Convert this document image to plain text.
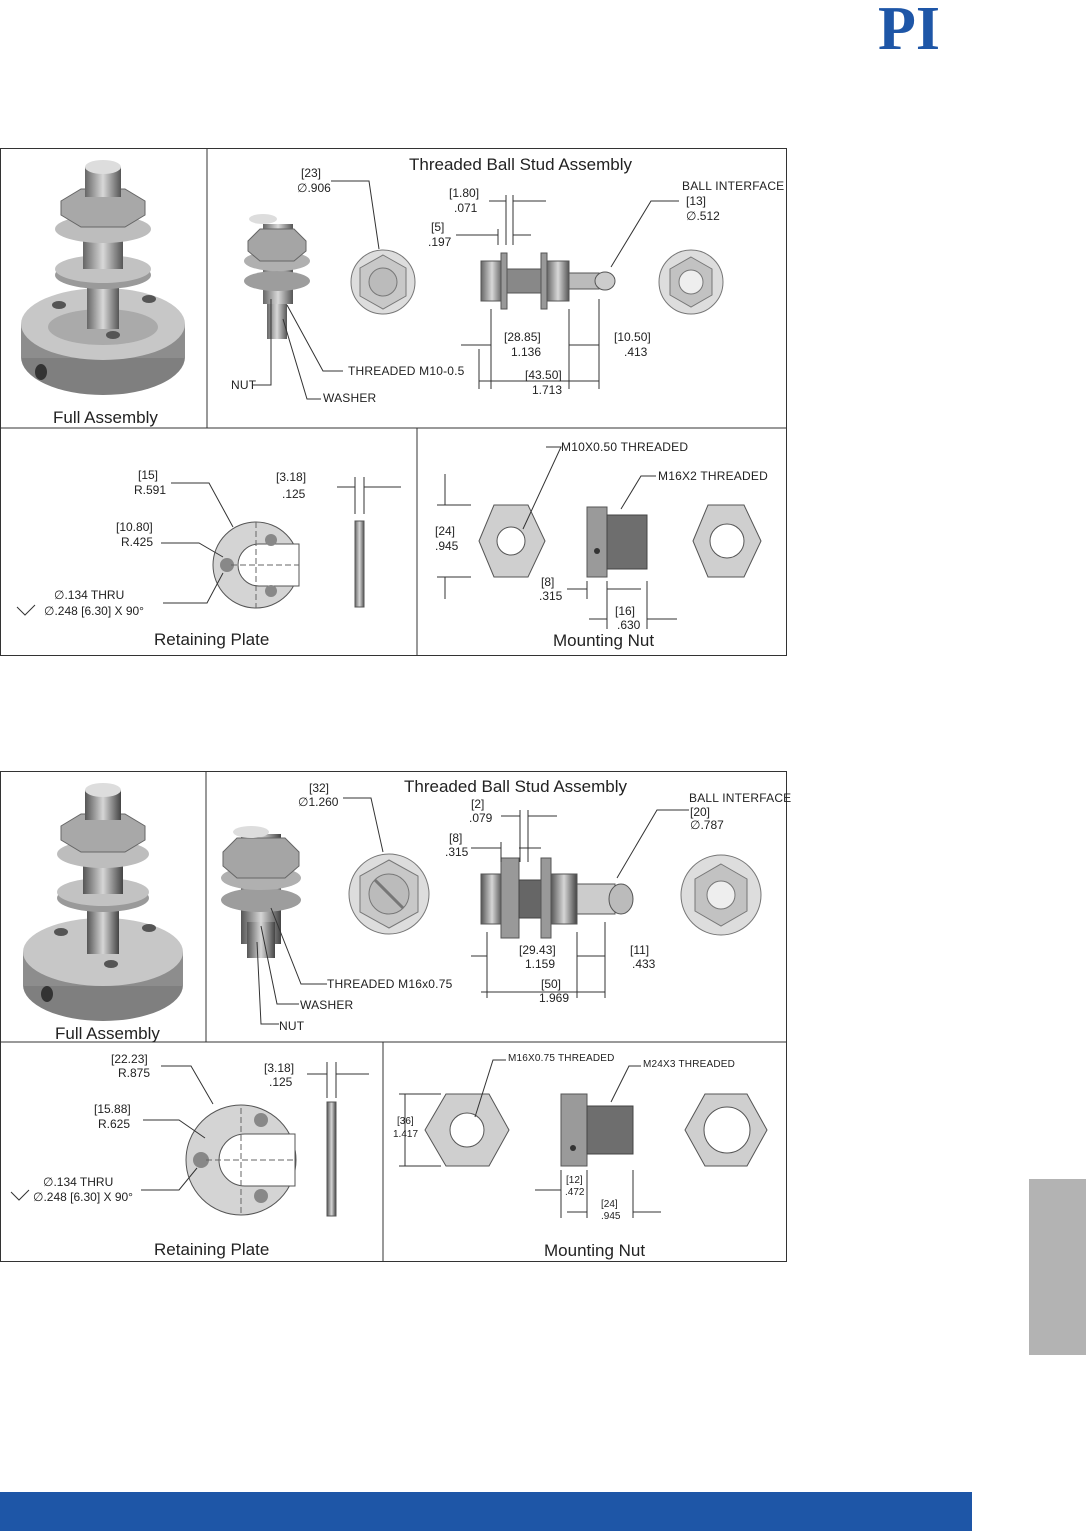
PI
Full Assembly
Threaded Ball Stud Assembly
[23]
∅.906	[1.80]
.071
[5]
.197
BALL INTERFACE
[13]
∅.512
[28.85]
1.136
[10.50]
.413
[43.50]
1.713
THREADED M10-0.5
NUT
WASHER
Retaining Plate
[15]
R.591
[10.80]
R.425
[3.18]
.125
∅.134 THRU
∅.248 [6.30] X 90°
Mounting Nut
M10X0.50 THREADED
M16X2 THREADED
[24]
.945
[8]
.315
[16]
.630
Full Assembly
Threaded Ball Stud Assembly
[32]
∅1.260	[2]
.079
[8]
.315
BALL INTERFACE
[20]
∅.787
[29.43]
1.159
[11]
.433
[50]
1.969
THREADED M16x0.75
WASHER
NUT
Retaining Plate
[22.23]
R.875
[15.88]
R.625
[3.18]
.125
∅.134 THRU
∅.248 [6.30] X 90°
Mounting Nut
M16X0.75 THREADED
M24X3 THREADED
[36]
1.417
[12]
.472
[24]
.945
